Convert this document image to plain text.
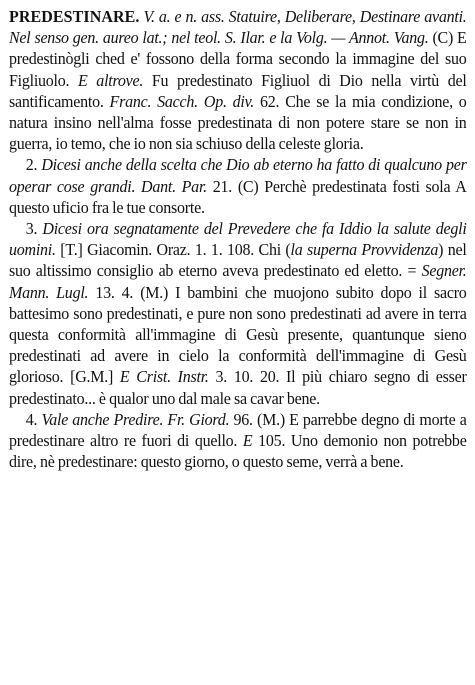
PREDESTINARE. V. a. e n. ass. Statuire, Deliberare, Destinare avanti. Nel senso gen. aureo lat.; nel teol. S. Ilar. e la Volg. — Annot. Vang. (C) E predestinògli ched e' fossono della forma secondo la immagine del suo Figliuolo. E altrove. Fu predestinato Figliuol di Dio nella virtù del santificamento. Franc. Sacch. Op. div. 62. Che se la mia condizione, o natura insino nell'alma fosse predestinata di non potere stare se non in guerra, io temo, che io non sia schiuso della celeste gloria.

2. Dicesi anche della scelta che Dio ab eterno ha fatto di qualcuno per operar cose grandi. Dant. Par. 21. (C) Perchè predestinata fosti sola A questo uficio fra le tue consorte.

3. Dicesi ora segnatamente del Prevedere che fa Iddio la salute degli uomini. [T.] Giacomin. Oraz. 1. 1. 108. Chi (la superna Provvidenza) nel suo altissimo consiglio ab eterno aveva predestinato ed eletto. = Segner. Mann. Lugl. 13. 4. (M.) I bambini che muojono subito dopo il sacro battesimo sono predestinati, e pure non sono predestinati ad avere in terra questa conformità all'immagine di Gesù presente, quantunque sieno predestinati ad avere in cielo la conformità dell'immagine di Gesù glorioso. [G.M.] E Crist. Instr. 3. 10. 20. Il più chiaro segno di esser predestinato... è qualor uno dal male sa cavar bene.

4. Vale anche Predire. Fr. Giord. 96. (M.) E parrebbe degno di morte a predestinare altro re fuori di quello. E 105. Uno demonio non potrebbe dire, nè predestinare: questo giorno, o questo seme, verrà a bene.
